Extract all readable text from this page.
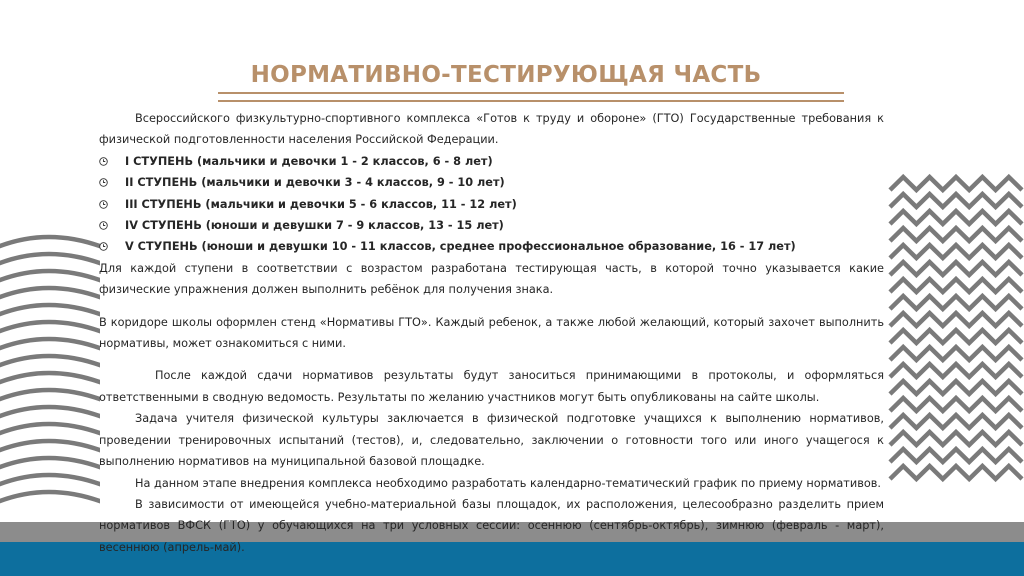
НОРМАТИВНО-ТЕСТИРУЮЩАЯ ЧАСТЬ

Всероссийского физкультурно-спортивного комплекса «Готов к труду и обороне» (ГТО) Государственные требования к физической подготовленности населения Российской Федерации.

I СТУПЕНЬ (мальчики и девочки 1 - 2 классов, 6 - 8 лет)
II СТУПЕНЬ (мальчики и девочки 3 - 4 классов, 9 - 10 лет)
III СТУПЕНЬ (мальчики и девочки 5 - 6 классов, 11 - 12 лет)
IV СТУПЕНЬ (юноши и девушки 7 - 9 классов, 13 - 15 лет)
V СТУПЕНЬ (юноши и девушки 10 - 11 классов, среднее профессиональное образование, 16 - 17 лет)

Для каждой ступени в соответствии с возрастом разработана тестирующая часть, в которой точно указывается какие физические упражнения должен выполнить ребёнок для получения знака.

В коридоре школы оформлен стенд «Нормативы ГТО». Каждый ребенок, а также любой желающий, который захочет выполнить нормативы, может ознакомиться с ними.

После каждой сдачи нормативов результаты будут заноситься принимающими в протоколы, и оформляться ответственными в сводную ведомость. Результаты по желанию участников могут быть опубликованы на сайте школы.

Задача учителя физической культуры заключается в физической подготовке учащихся к выполнению нормативов, проведении тренировочных испытаний (тестов), и, следовательно, заключении о готовности того или иного учащегося к выполнению нормативов на муниципальной базовой площадке.

На данном этапе внедрения комплекса необходимо разработать календарно-тематический график по приему нормативов.

В зависимости от имеющейся учебно-материальной базы площадок, их расположения, целесообразно разделить прием нормативов ВФСК (ГТО) у обучающихся на три условных сессии: осеннюю (сентябрь-октябрь), зимнюю (февраль - март), весеннюю (апрель-май).
